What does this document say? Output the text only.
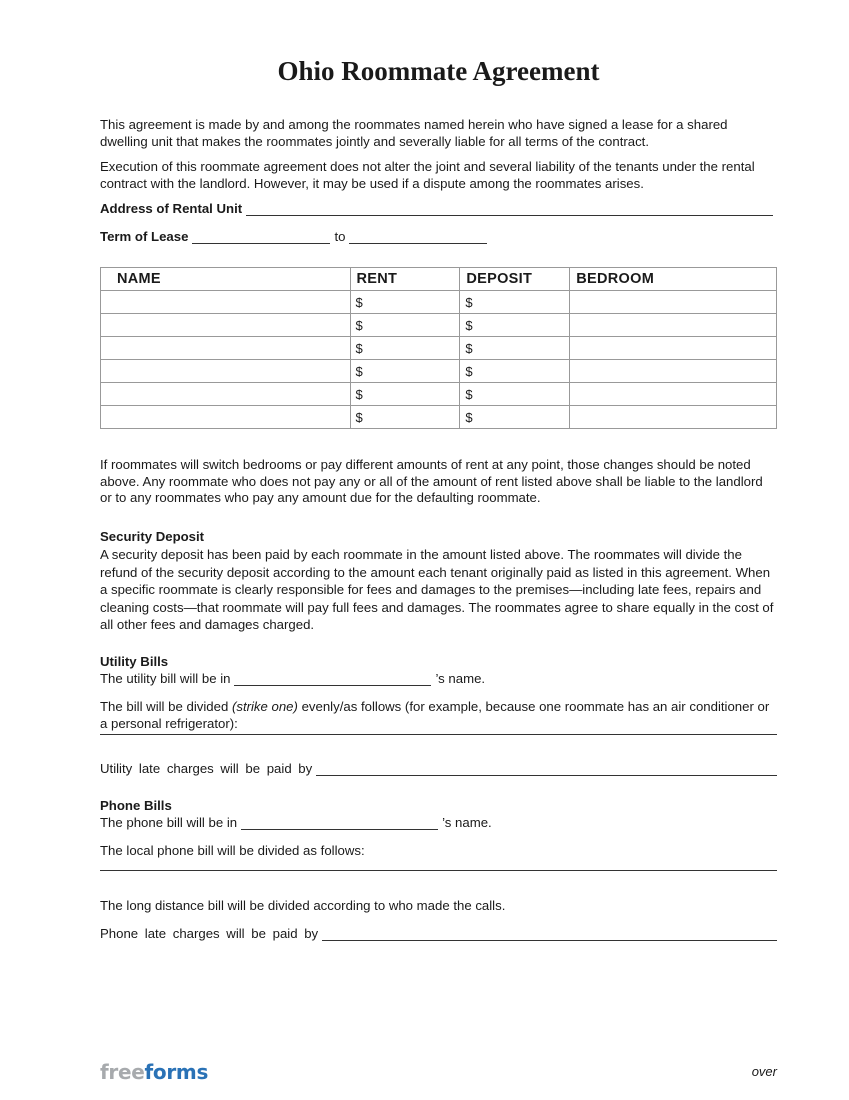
Ohio Roommate Agreement

This agreement is made by and among the roommates named herein who have signed a lease for a shared dwelling unit that makes the roommates jointly and severally liable for all terms of the contract.

Execution of this roommate agreement does not alter the joint and several liability of the tenants under the rental contract with the landlord. However, it may be used if a dispute among the roommates arises.

Address of Rental Unit
Term of Lease	to
NAME	RENT	DEPOSIT	BEDROOM
	$	$	
	$	$	
	$	$	
	$	$	
	$	$	
	$	$	

If roommates will switch bedrooms or pay different amounts of rent at any point, those changes should be noted above. Any roommate who does not pay any or all of the amount of rent listed above shall be liable to the landlord or to any roommates who pay any amount due for the defaulting roommate.

Security Deposit

A security deposit has been paid by each roommate in the amount listed above. The roommates will divide the refund of the security deposit according to the amount each tenant originally paid as listed in this agreement. When a specific roommate is clearly responsible for fees and damages to the premises—including late fees, repairs and cleaning costs—that roommate will pay full fees and damages. The roommates agree to share equally in the cost of all other fees and damages charged.

Utility Bills

The utility bill will be in	’s name.

The bill will be divided (strike one) evenly/as follows (for example, because one roommate has an air conditioner or a personal refrigerator):

Utility late charges will be paid by

Phone Bills

The phone bill will be in	’s name.

The local phone bill will be divided as follows:

The long distance bill will be divided according to who made the calls.

Phone late charges will be paid by
freeforms	over
